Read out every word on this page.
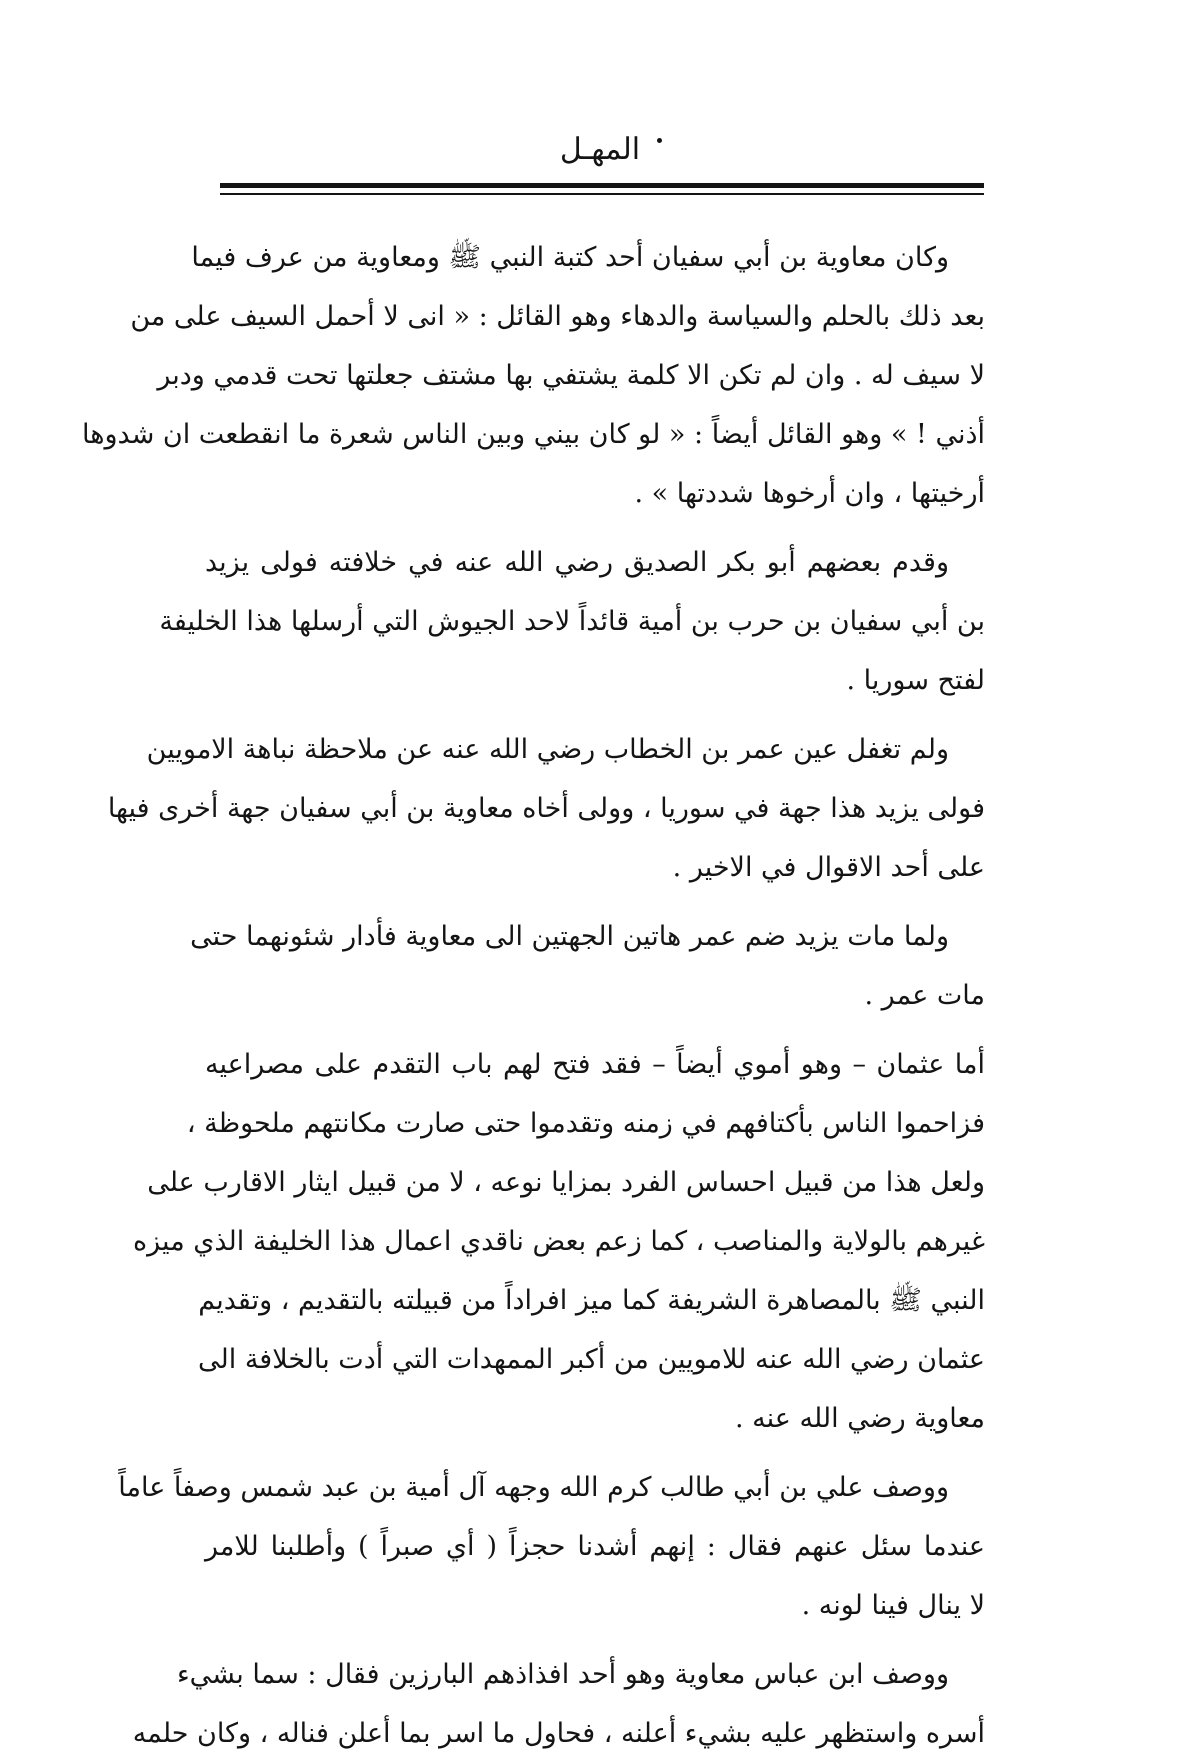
المهـل
وكان معاوية بن أبي سفيان أحد كتبة النبي ﷺ ومعاوية من عرف فيما
بعد ذلك بالحلم والسياسة والدهاء وهو القائل : « انى لا أحمل السيف على من
لا سيف له . وان لم تكن الا كلمة يشتفي بها مشتف جعلتها تحت قدمي ودبر
أذني ! » وهو القائل أيضاً : « لو كان بيني وبين الناس شعرة ما انقطعت ان شدوها
أرخيتها ، وان أرخوها شددتها » .
وقدم بعضهم أبو بكر الصديق رضي الله عنه في خلافته فولى يزيد
بن أبي سفيان بن حرب بن أمية قائداً لاحد الجيوش التي أرسلها هذا الخليفة
لفتح سوريا .
ولم تغفل عين عمر بن الخطاب رضي الله عنه عن ملاحظة نباهة الامويين
فولى يزيد هذا جهة في سوريا ، وولى أخاه معاوية بن أبي سفيان جهة أخرى فيها
على أحد الاقوال في الاخير .
ولما مات يزيد ضم عمر هاتين الجهتين الى معاوية فأدار شئونهما حتى
مات عمر .
أما عثمان – وهو أموي أيضاً – فقد فتح لهم باب التقدم على مصراعيه
فزاحموا الناس بأكتافهم في زمنه وتقدموا حتى صارت مكانتهم ملحوظة ،
ولعل هذا من قبيل احساس الفرد بمزايا نوعه ، لا من قبيل ايثار الاقارب على
غيرهم بالولاية والمناصب ، كما زعم بعض ناقدي اعمال هذا الخليفة الذي ميزه
النبي ﷺ بالمصاهرة الشريفة كما ميز افراداً من قبيلته بالتقديم ، وتقديم
عثمان رضي الله عنه للامويين من أكبر الممهدات التي أدت بالخلافة الى
معاوية رضي الله عنه .
ووصف علي بن أبي طالب كرم الله وجهه آل أمية بن عبد شمس وصفاً عاماً
عندما سئل عنهم فقال : إنهم أشدنا حجزاً ( أي صبراً ) وأطلبنا للامر
لا ينال فينا لونه .
ووصف ابن عباس معاوية وهو أحد افذاذهم البارزين فقال : سما بشيء
أسره واستظهر عليه بشيء أعلنه ، فحاول ما اسر بما أعلن فناله ، وكان حلمه
